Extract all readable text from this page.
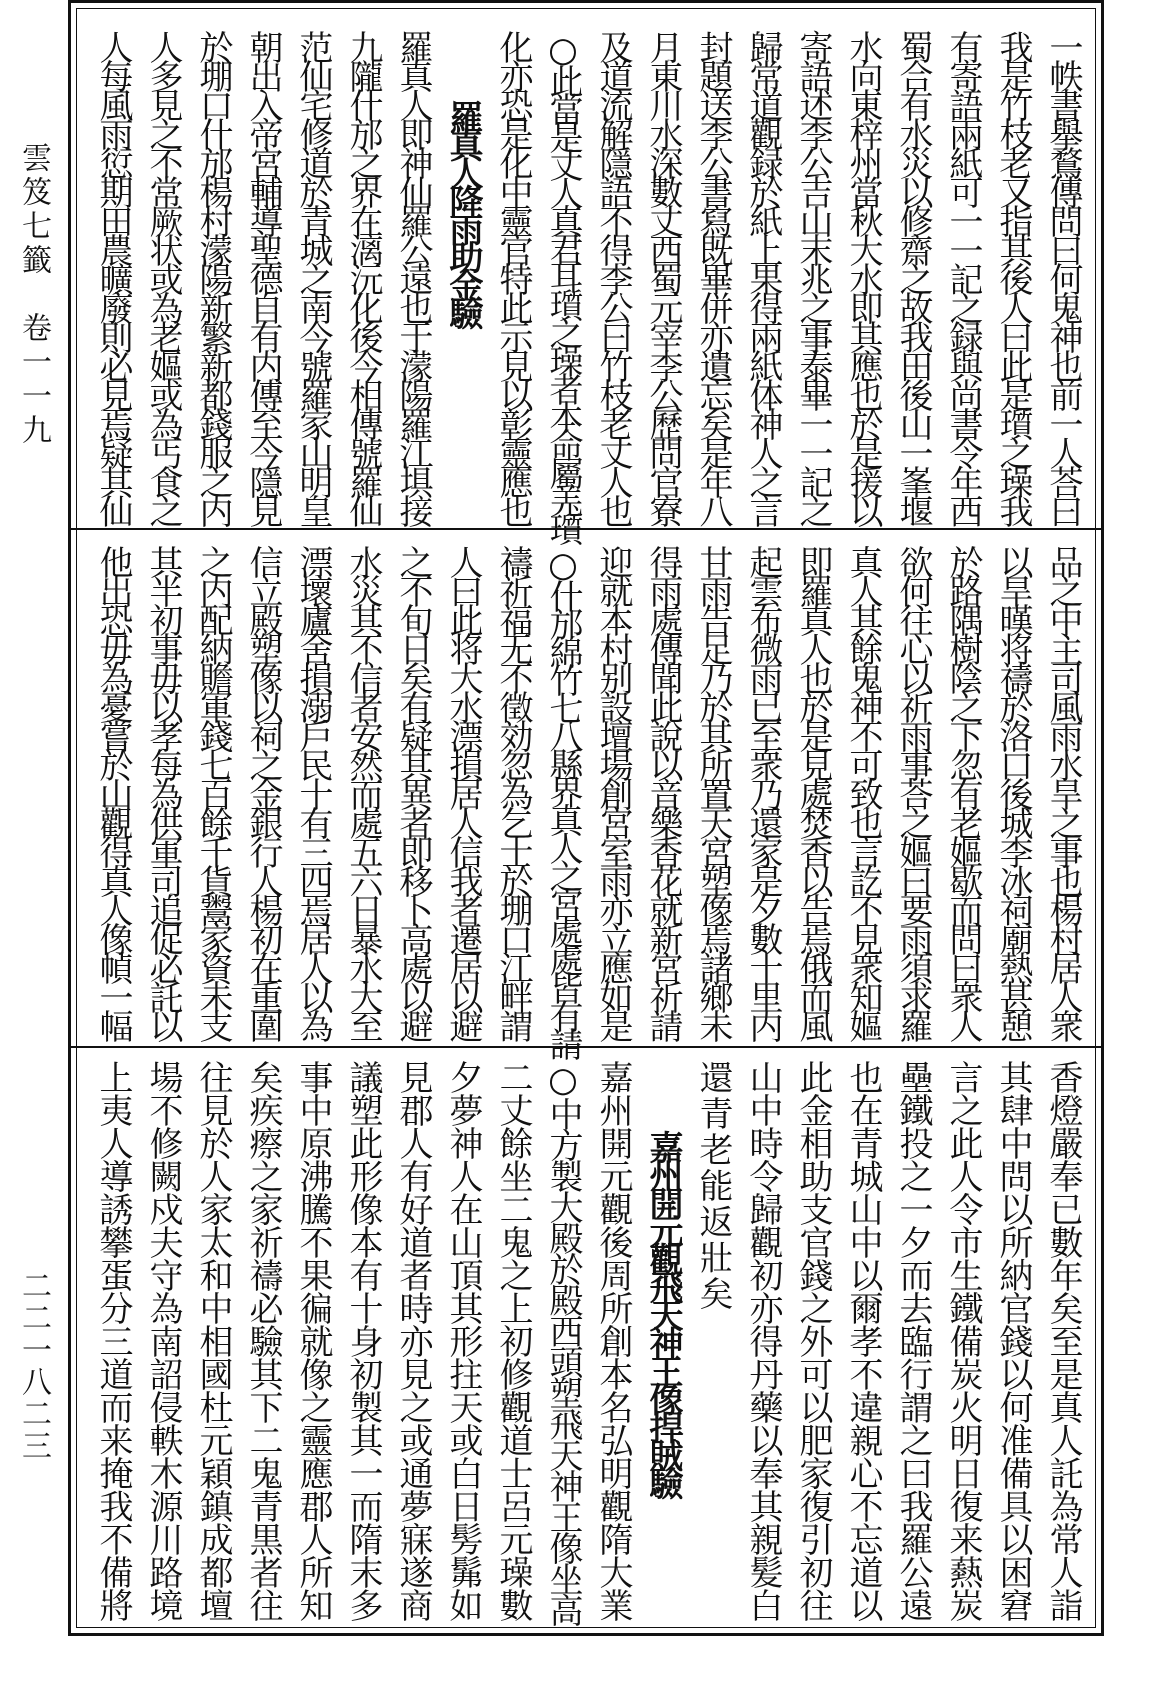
雲笈七籤　卷一一九
二二一八二三
一帙書舉鶩傳問曰何鬼神也前一人荅曰
我是竹枝老又指其後人曰此是瓆之璪我
有寄語兩紙可一一記之録與尚書令年西
蜀合有水災以修齋之故我田後山一峯堰
水向東梓州當秋大水即其應也於是援以
寄語述李公吉山末兆之事泰畢一一記之
歸常道觀録於紙上果得兩紙体神人之言
封題送李公書寫既畢併亦遺忘矣是年八
月東川水深數丈西蜀元宰李公歷問官寮
及道流解隱語不得李公曰竹枝老丈人也
○此當是丈人真君耳瓆之璪者本命屬𦍑瓆
化亦恐是化中靈官特此示見以彰靈應也
羅真人降雨助金驗
羅真人即神仙羅公遠也于濛陽羅江埧接
九隴什邡之界在漓沅化後今相傳號羅仙
范仙宅修道於青城之南今號羅家山明皇
朝出入帝宮輔導聖德自有内傳至今隱見
於堋口什邡楊村濛陽新繁新都錢服之内
人多見之不常厥状或為老嫗或為丐食之
人每風雨愆期田農曠廢則必見焉疑其仙
品之中主司風雨水旱之事也楊村居人衆
以旱暵将禱於洛口後城李冰祠廟熱甚憩
於路隅樹陰之下忽有老嫗歇而問曰衆人
欲何往心以祈雨事荅之嫗曰要雨須求羅
真人其餘鬼神不可致也言訖不見衆知嫗
即羅真人也於是見處焚香以告焉俄而風
起雲布微雨已至衆乃還家是夕數十里内
甘雨告足乃於其所置天宮塑像焉諸鄉未
得雨處傳聞此說以音樂香花就新宮祈請
迎就本村别設壇場創宮室雨亦立應如是
○什邡綿竹七八縣界真人之宮處處皆有請
禱祈福无不徵効忽為乞士於堋口江畔謂
人曰此将大水漂損居人信我者遷居以避
之不旬日矣有疑其異者即移卜高處以避
水災其不信者安然而處五六日暴水大至
漂壞廬舍損溺戶民十有三四焉居人以為
信立殿塑像以祠之金銀行人楊初在重圍
之内配納贍軍錢七百餘千貨鬻家資未支
其半初事毋以孝每為供軍司追促必託以
他出恐毋為憂嘗於山觀得真人像幀一幅
香燈嚴奉已數年矣至是真人託為常人詣
其肆中問以所納官錢以何准備具以困窘
言之此人令市生鐵備炭火明日復来爇炭
壘鐵投之一夕而去臨行謂之曰我羅公遠
也在青城山中以爾孝不違親心不忘道以
此金相助支官錢之外可以肥家復引初往
山中時令歸觀初亦得丹藥以奉其親髪白
還青老能返壯矣
嘉州開元觀飛天神王像捍賊驗
嘉州開元觀後周所創本名弘明觀隋大業
○中方製大殿於殿西頭塑飛天神王像坐高
二丈餘坐二鬼之上初修觀道士呂元璪數
夕夢神人在山頂其形拄天或白日髣髴如
見郡人有好道者時亦見之或通夢寐遂商
議塑此形像本有十身初製其一而隋末多
事中原沸騰不果徧就像之靈應郡人所知
矣疾瘵之家祈禱必驗其下二鬼青黒者往
往見於人家太和中相國杜元穎鎮成都壇
場不修闕戍夫守為南詔侵軼木源川路境
上夷人導誘攀蛋分三道而来掩我不備將
